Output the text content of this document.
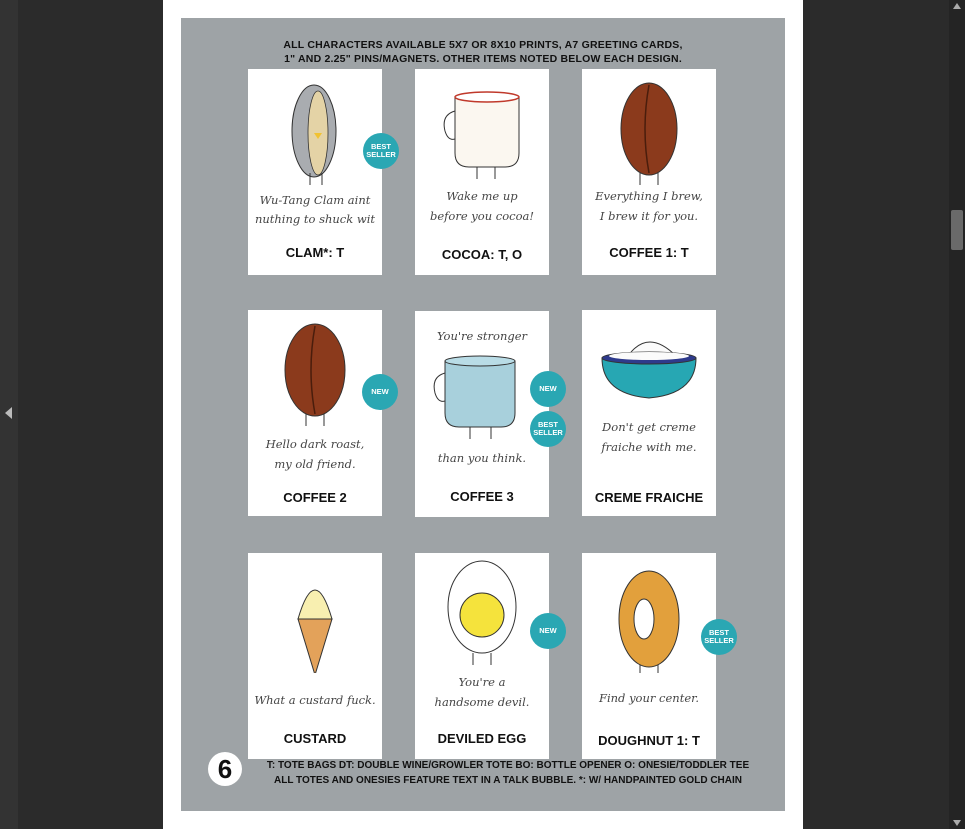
ALL CHARACTERS AVAILABLE 5X7 OR 8X10 PRINTS, A7 GREETING CARDS,
1" AND 2.25" PINS/MAGNETS. OTHER ITEMS NOTED BELOW EACH DESIGN.
Wu-Tang Clam aint
nuthing to shuck wit
CLAM*: T
Wake me up
before you cocoa!
COCOA: T, O
Everything I brew,
I brew it for you.
COFFEE 1: T
Hello dark roast,
my old friend.
COFFEE 2
You're stronger
than you think.
COFFEE 3
Don't get creme
fraiche with me.
CREME FRAICHE
What a custard fuck.
CUSTARD
You're a
handsome devil.
DEVILED EGG
Find your center.
DOUGHNUT 1: T
BEST SELLER
NEW	NEW
BEST SELLER
NEW	BEST SELLER
6	T: TOTE BAGS DT: DOUBLE WINE/GROWLER TOTE BO: BOTTLE OPENER O: ONESIE/TODDLER TEE
ALL TOTES AND ONESIES FEATURE TEXT IN A TALK BUBBLE. *: W/ HANDPAINTED GOLD CHAIN
